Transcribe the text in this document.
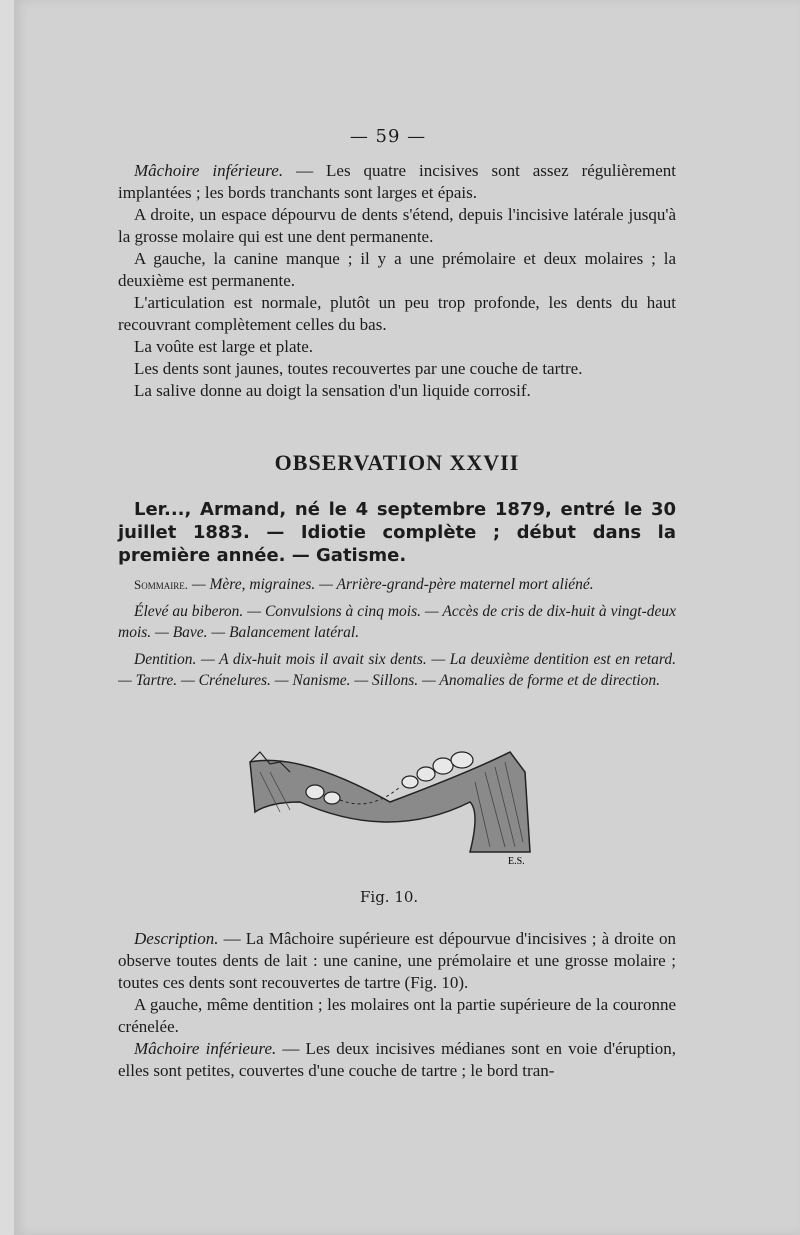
— 59 —

Mâchoire inférieure. — Les quatre incisives sont assez régulièrement implantées ; les bords tranchants sont larges et épais.

A droite, un espace dépourvu de dents s'étend, depuis l'incisive latérale jusqu'à la grosse molaire qui est une dent permanente.

A gauche, la canine manque ; il y a une prémolaire et deux molaires ; la deuxième est permanente.

L'articulation est normale, plutôt un peu trop profonde, les dents du haut recouvrant complètement celles du bas.

La voûte est large et plate.

Les dents sont jaunes, toutes recouvertes par une couche de tartre.

La salive donne au doigt la sensation d'un liquide corrosif.

OBSERVATION XXVII

Ler..., Armand, né le 4 septembre 1879, entré le 30 juillet 1883. — Idiotie complète ; début dans la première année. — Gatisme.

Sommaire. — Mère, migraines. — Arrière-grand-père maternel mort aliéné.

Élevé au biberon. — Convulsions à cinq mois. — Accès de cris de dix-huit à vingt-deux mois. — Bave. — Balancement latéral.

Dentition. — A dix-huit mois il avait six dents. — La deuxième dentition est en retard. — Tartre. — Crénelures. — Nanisme. — Sillons. — Anomalies de forme et de direction.

E.S.
Fig. 10.

Description. — La Mâchoire supérieure est dépourvue d'incisives ; à droite on observe toutes dents de lait : une canine, une prémolaire et une grosse molaire ; toutes ces dents sont recouvertes de tartre (Fig. 10).

A gauche, même dentition ; les molaires ont la partie supérieure de la couronne crénelée.

Mâchoire inférieure. — Les deux incisives médianes sont en voie d'éruption, elles sont petites, couvertes d'une couche de tartre ; le bord tran-
